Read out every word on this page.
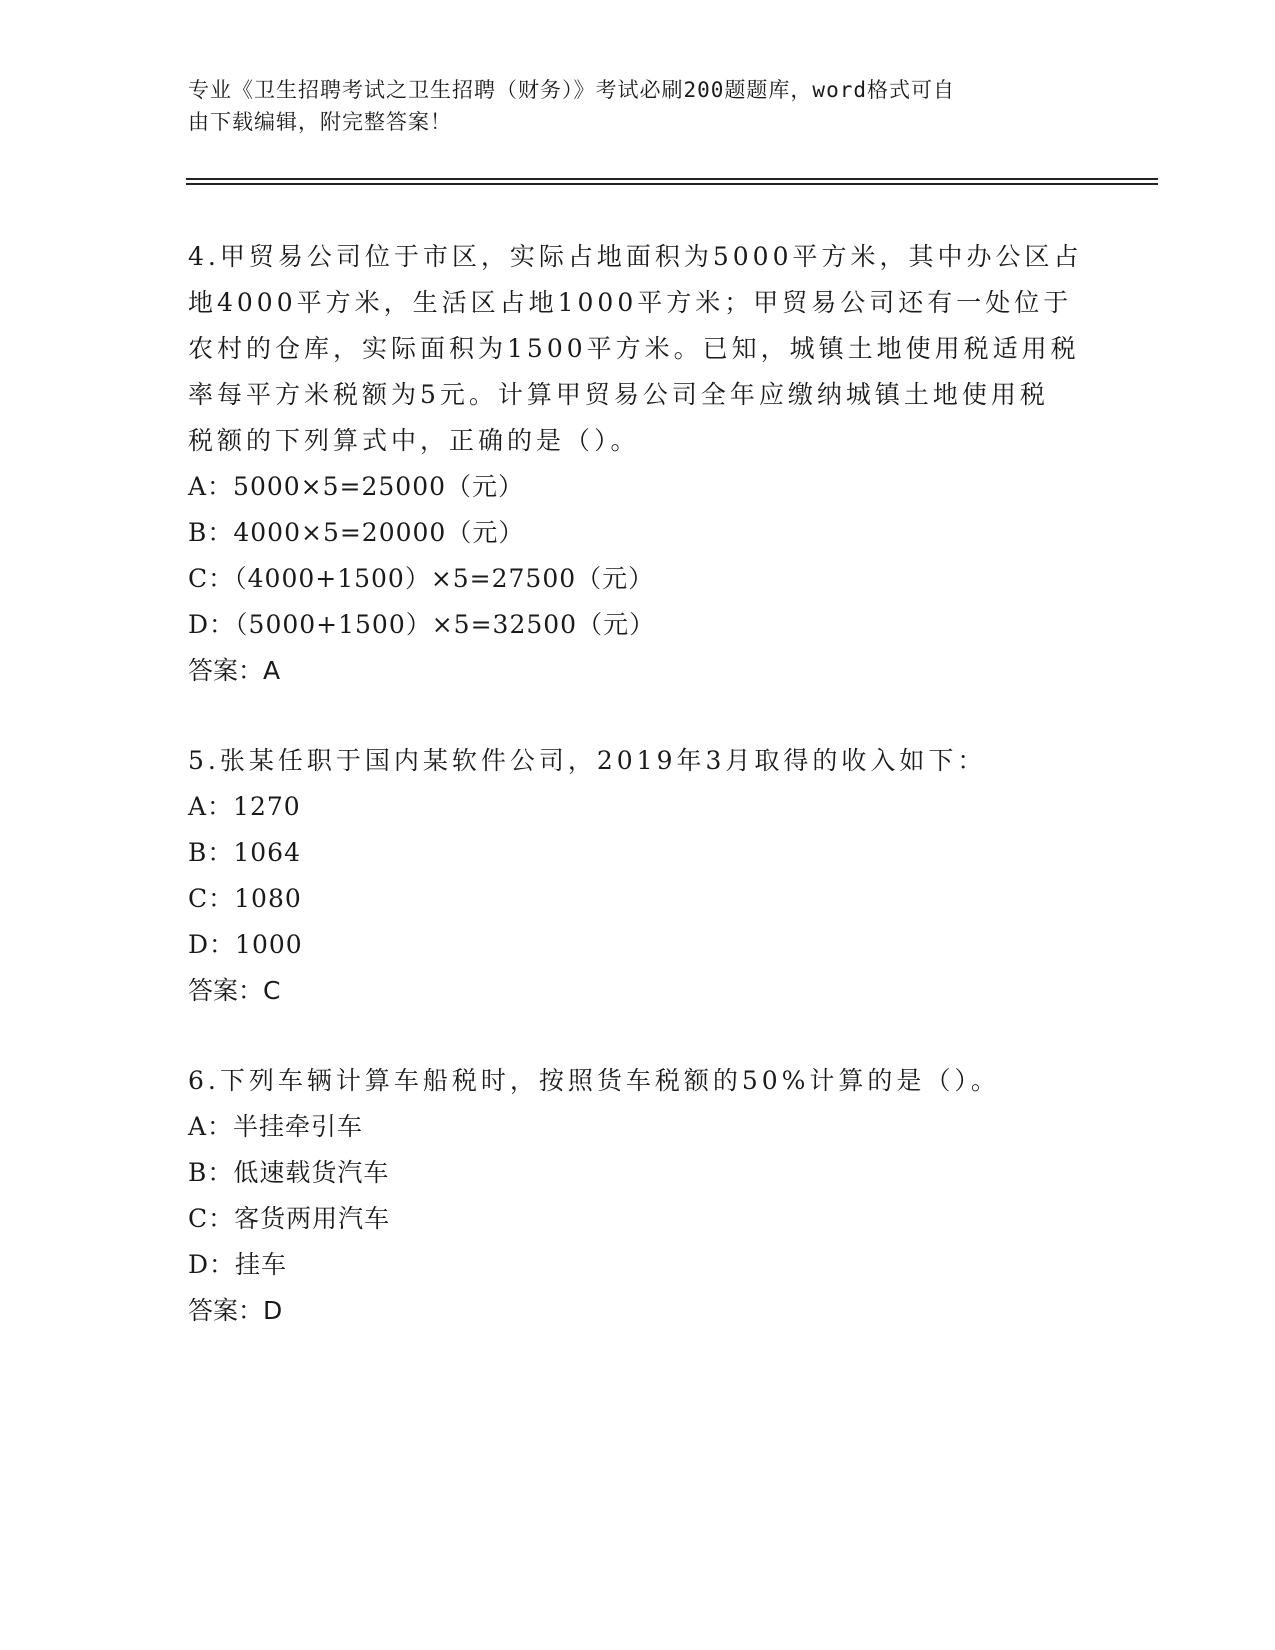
专业《卫生招聘考试之卫生招聘（财务）》考试必刷200题题库，word格式可自
由下载编辑，附完整答案！

4.甲贸易公司位于市区，实际占地面积为5000平方米，其中办公区占

地4000平方米，生活区占地1000平方米；甲贸易公司还有一处位于

农村的仓库，实际面积为1500平方米。已知，城镇土地使用税适用税

率每平方米税额为5元。计算甲贸易公司全年应缴纳城镇土地使用税

税额的下列算式中，正确的是（）。

A：5000×5=25000（元）

B：4000×5=20000（元）

C：（4000+1500）×5=27500（元）

D：（5000+1500）×5=32500（元）

答案：A

5.张某任职于国内某软件公司，2019年3月取得的收入如下：

A：1270

B：1064

C：1080

D：1000

答案：C

6.下列车辆计算车船税时，按照货车税额的50%计算的是（）。

A：半挂牵引车

B：低速载货汽车

C：客货两用汽车

D：挂车

答案：D
